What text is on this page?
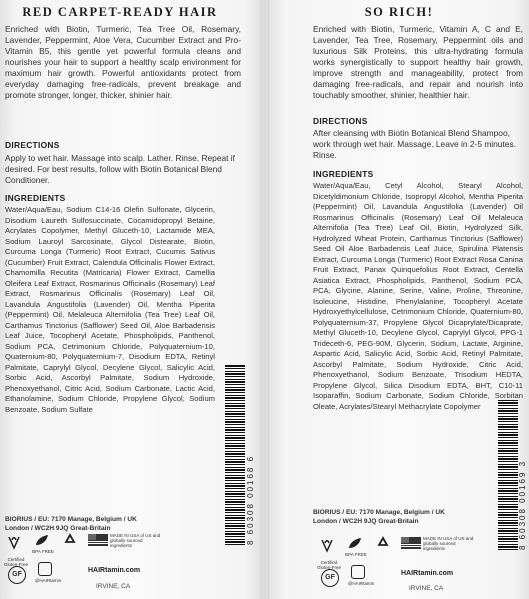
RED CARPET-READY HAIR
Enriched with Biotin, Turmeric, Tea Tree Oil, Rosemary, Lavender, Peppermint, Aloe Vera, Cucumber Extract and Pro-Vitamin B5, this gentle yet powerful formula cleans and nourishes your hair to support a healthy scalp environment for maximum hair growth. Powerful antioxidants protect from everyday damaging free-radicals, prevent breakage and promote stronger, longer, thicker, shinier hair.
DIRECTIONS
Apply to wet hair. Massage into scalp. Lather. Rinse. Repeat if desired. For best results, follow with Biotin Botanical Blend Conditioner.
INGREDIENTS
Water/Aqua/Eau, Sodium C14-16 Olefin Sulfonate, Glycerin, Disodium Laureth Sulfosuccinate, Cocamidopropyl Betaine, Acrylates Copolymer, Methyl Gluceth-10, Lactamide MEA, Sodium Lauroyl Sarcosinate, Glycol Distearate, Biotin, Curcuma Longa (Turmeric) Root Extract, Cucumis Sativus (Cucumber) Fruit Extract, Calendula Officinalis Flower Extract, Chamomilla Recutita (Matricaria) Flower Extract, Camellia Oleifera Leaf Extract, Rosmarinus Officinalis (Rosemary) Leaf Extract, Rosmarinus Officinalis (Rosemary) Leaf Oil, Lavandula Angustifolia (Lavender) Oil, Mentha Piperita (Peppermint) Oil, Melaleuca Alternifolia (Tea Tree) Leaf Oil, Carthamus Tinctorius (Safflower) Seed Oil, Aloe Barbadensis Leaf Juice, Tocopheryl Acetate, Phospholipids, Panthenol, Sodium PCA, Cetrimonium Chloride, Polyquaternium-10, Quaternium-80, Polyquaternium-7, Disodium EDTA, Retinyl Palmitate, Caprylyl Glycol, Decylene Glycol, Salicylic Acid, Sorbic Acid, Ascorbyl Palmitate, Sodium Hydroxide, Phenoxyethanol, Citric Acid, Sodium Carbonate, Lactic Acid, Ethanolamine, Sodium Chloride, Propylene Glycol, Sodium Benzoate, Sodium Sulfate
8 60308 00168 6
BIORIUS / EU: 7170 Manage, Belgium / UK London / WC2H 9JQ Great-Britain
BPA FREE
MADE IN USA of US and globally sourced ingredients
Certified Gluten-Free
GF
@HAIRtamin
HAIRtamin.com
IRVINE, CA
SO RICH!
Enriched with Biotin, Turmeric, Vitamin A, C and E, Lavender, Tea Tree, Rosemary, Peppermint oils and luxurious Silk Proteins, this ultra-hydrating formula works synergistically to support healthy hair growth, improve strength and manageability, protect from damaging free-radicals, and repair and nourish into touchably smoother, shinier, healthier hair.
DIRECTIONS
After cleansing with Biotin Botanical Blend Shampoo, work through wet hair. Massage. Leave in 2-5 minutes. Rinse.
INGREDIENTS
Water/Aqua/Eau, Cetyl Alcohol, Stearyl Alcohol, Dicetyldimonium Chloride, Isopropyl Alcohol, Mentha Piperita (Peppermint) Oil, Lavandula Angustifolia (Lavender) Oil Rosmarinus Officinalis (Rosemary) Leaf Oil Melaleuca Alternifolia (Tea Tree) Leaf Oil, Biotin, Hydrolyzed Silk, Hydrolyzed Wheat Protein, Carthamus Tinctorius (Safflower) Seed Oil Aloe Barbadensis Leaf Juice, Spirulina Platensis Extract, Curcuma Longa (Turmeric) Root Extract Rosa Canina Fruit Extract, Panax Quinquefolius Root Extract, Centella Asiatica Extract, Phospholipids, Panthenol, Sodium PCA, PCA, Glycine, Alanine, Serine, Valine, Proline, Threonine, Isoleucine, Histidine, Phenylalanine, Tocopheryl Acetate Hydroxyethylcellulose, Cetrimonium Chloride, Quaternium-80, Polyquaternium-37, Propylene Glycol Dicaprylate/Dicaprate, Methyl Gluceth-10, Decylene Glycol, Caprylyl Glycol, PPG-1 Trideceth-6, PEG-90M, Glycerin, Sodium, Lactate, Arginine, Aspartic Acid, Salicylic Acid, Sorbic Acid, Retinyl Palmitate, Ascorbyl Palmitate, Sodium Hydroxide, Citric Acid, Phenoxyethanol, Sodium Benzoate, Trisodium HEDTA, Propylene Glycol, Silica Disodium EDTA, BHT, C10-11 Isoparaffin, Sodium Carbonate, Sodium Chloride, Sorbitan Oleate, Acrylates/Stearyl Methacrylate Copolymer
8 60308 00169 3
BIORIUS / EU: 7170 Manage, Belgium / UK London / WC2H 9JQ Great-Britain
BPA FREE
MADE IN USA of US and globally sourced ingredients
Certified Gluten-Free
GF
@HAIRtamin
HAIRtamin.com
IRVINE, CA
